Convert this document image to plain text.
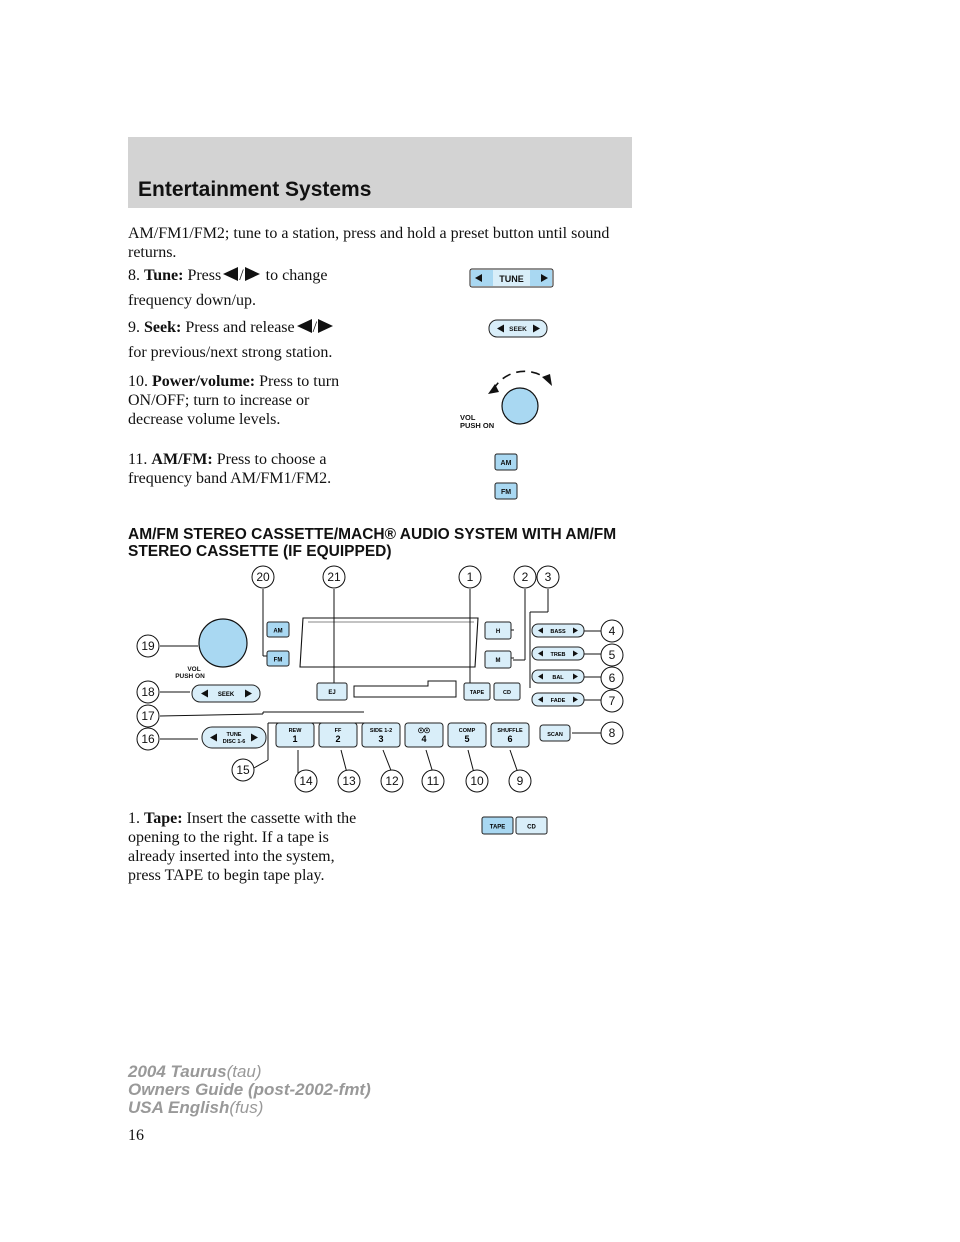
Entertainment Systems

AM/FM1/FM2; tune to a station, press and hold a preset button until sound returns.

8. Tune: Press / to change
frequency down/up.

9. Seek: Press and release /
for previous/next strong station.

10. Power/volume: Press to turn
ON/OFF; turn to increase or
decrease volume levels.

11. AM/FM: Press to choose a
frequency band AM/FM1/FM2.

TUNE
SEEK
VOL
PUSH ON
AM
FM

AM/FM STEREO CASSETTE/MACH® AUDIO SYSTEM WITH AM/FM STEREO CASSETTE (IF EQUIPPED)

VOL
PUSH ON
AM
FM
SEEK	EJ	TAPE	CD
H
M
BASS
TREB
BAL
FADE
TUNE
DISC 1-6
REW
1
FF
2
SIDE 1-2
3
⨀⨀
4
COMP
5
SHUFFLE
6	SCAN
20	21	1	2 3
19
18
17
16
15
14 13 12 11	10	9
4
5
6
7
8

1. Tape: Insert the cassette with the
opening to the right. If a tape is
already inserted into the system,
press TAPE to begin tape play.

TAPE	CD
16
2004 Taurus(tau)
Owners Guide (post-2002-fmt)
USA English(fus)
